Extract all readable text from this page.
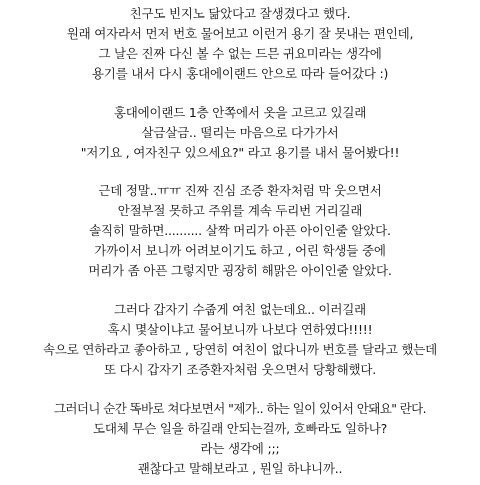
친구도 빈지노 닮았다고 잘생겼다고 했다.
원래 여자라서 먼저 번호 물어보고 이런거 용기 잘 못내는 편인데,
그 날은 진짜 다신 볼 수 없는 드믄 귀요미라는 생각에
용기를 내서 다시 홍대에이랜드 안으로 따라 들어갔다 :)
홍대에이랜드 1층 안쪽에서 옷을 고르고 있길래
살금살금.. 떨리는 마음으로 다가가서
"저기요 , 여자친구 있으세요?" 라고 용기를 내서 물어봤다!!
근데 정말..ㅠㅠ 진짜 진심 조증 환자처럼 막 웃으면서
안절부절 못하고 주위를 계속 두리번 거리길래
솔직히 말하면.......... 살짝 머리가 아픈 아이인줄 알았다.
가까이서 보니까 어려보이기도 하고 , 어린 학생들 중에
머리가 좀 아픈 그렇지만 굉장히 해맑은 아이인줄 알았다.
그러다 갑자기 수줍게 여친 없는데요.. 이러길래
혹시 몇살이냐고 물어보니까 나보다 연하였다!!!!!
속으로 연하라고 좋아하고 , 당연히 여친이 없다니까 번호를 달라고 했는데
또 다시 갑자기 조증환자처럼 웃으면서 당황해했다.
그러더니 순간 똑바로 쳐다보면서 "제가.. 하는 일이 있어서 안돼요" 란다.
도대체 무슨 일을 하길래 안되는걸까, 호빠라도 일하나?
라는 생각에 ;;;
괜찮다고 말해보라고 , 뭔일 하냐니까..
